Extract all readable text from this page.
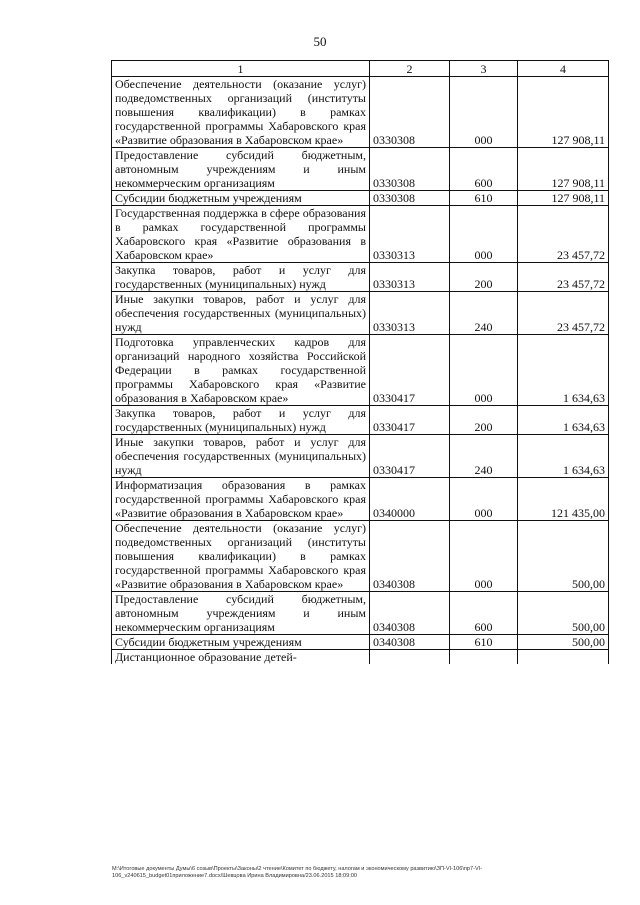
50
1	2	3	4
Обеспечение деятельности (оказание услуг) подведомственных организаций (институты повышения квалификации) в рамках государственной программы Хабаровского края «Развитие образования в Хабаровском крае»	0330308	000	127 908,11
Предоставление субсидий бюджетным, автономным учреждениям и иным некоммерческим организациям	0330308	600	127 908,11
Субсидии бюджетным учреждениям	0330308	610	127 908,11
Государственная поддержка в сфере образования в рамках государственной программы Хабаровского края «Развитие образования в Хабаровском крае»	0330313	000	23 457,72
Закупка товаров, работ и услуг для государственных (муниципальных) нужд	0330313	200	23 457,72
Иные закупки товаров, работ и услуг для обеспечения государственных (муниципальных) нужд	0330313	240	23 457,72
Подготовка управленческих кадров для организаций народного хозяйства Российской Федерации в рамках государственной программы Хабаровского края «Развитие образования в Хабаровском крае»	0330417	000	1 634,63
Закупка товаров, работ и услуг для государственных (муниципальных) нужд	0330417	200	1 634,63
Иные закупки товаров, работ и услуг для обеспечения государственных (муниципальных) нужд	0330417	240	1 634,63
Информатизация образования в рамках государственной программы Хабаровского края «Развитие образования в Хабаровском крае»	0340000	000	121 435,00
Обеспечение деятельности (оказание услуг) подведомственных организаций (институты повышения квалификации) в рамках государственной программы Хабаровского края «Развитие образования в Хабаровском крае»	0340308	000	500,00
Предоставление субсидий бюджетным, автономным учреждениям и иным некоммерческим организациям	0340308	600	500,00
Субсидии бюджетным учреждениям	0340308	610	500,00
Дистанционное образование детей-			
М:\Итоговые документы Думы\6 созыв\Проекты\Законы\2 чтение\Комитет по бюджету, налогам и экономическому развитию\ЗП-VI-106\пр7-VI-
106_v240615_budget01приложение7.docx/Шевцова Ирина Владимировна/23.06.2015 18:09:00
